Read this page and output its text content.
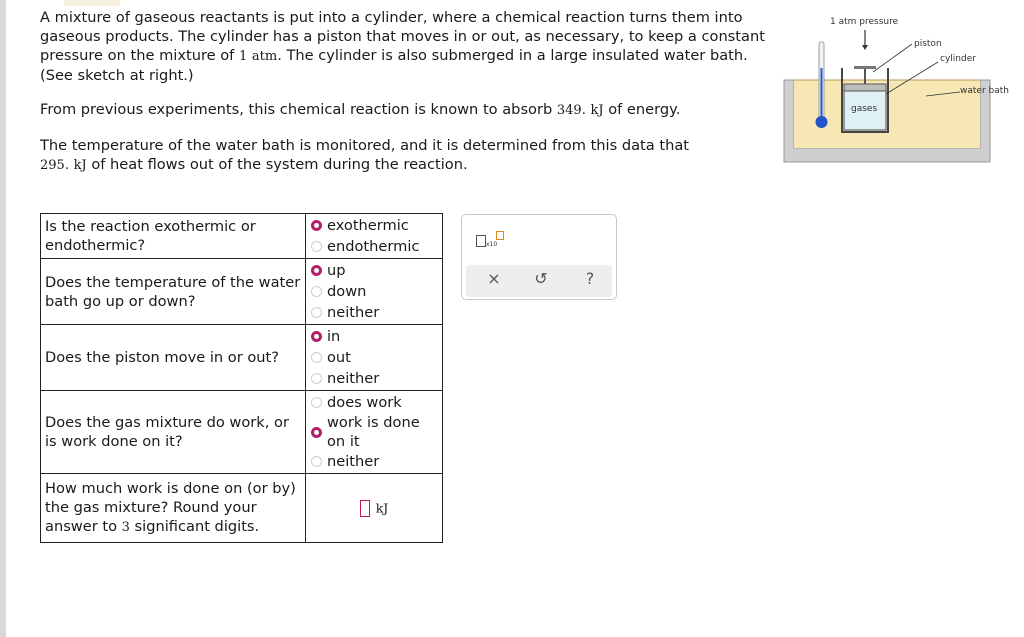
A mixture of gaseous reactants is put into a cylinder, where a chemical reaction turns them into gaseous products. The cylinder has a piston that moves in or out, as necessary, to keep a constant pressure on the mixture of 1 atm. The cylinder is also submerged in a large insulated water bath. (See sketch at right.)

From previous experiments, this chemical reaction is known to absorb 349. kJ of energy.

The temperature of the water bath is monitored, and it is determined from this data that
295. kJ of heat flows out of the system during the reaction.

Is the reaction exothermic or endothermic?	exothermic
endothermic

Does the temperature of the water bath go up or down?	up
down
neither

Does the piston move in or out?	in
out
neither

Does the gas mixture do work, or is work done on it?	does work
work is done on it
neither

How much work is done on (or by) the gas mixture? Round your answer to 3 significant digits.	kJ
x10
× ↺	?
1 atm pressure
piston
cylinder
water bath
gases
